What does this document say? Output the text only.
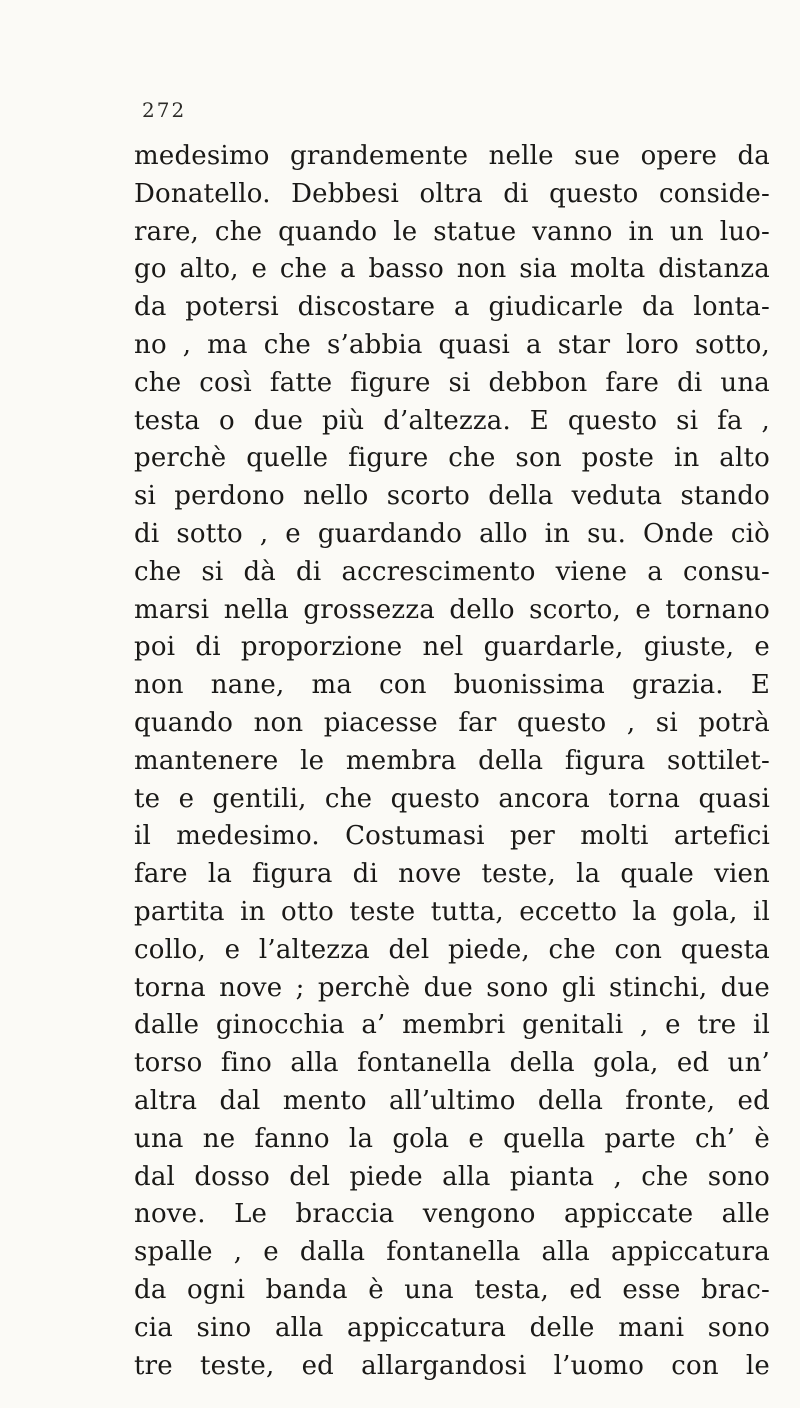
272
medesimo grandemente nelle sue opere da
Donatello. Debbesi oltra di questo conside-
rare, che quando le statue vanno in un luo-
go alto, e che a basso non sia molta distanza
da potersi discostare a giudicarle da lonta-
no , ma che s’abbia quasi a star loro sotto,
che così fatte figure si debbon fare di una
testa o due più d’altezza. E questo si fa ,
perchè quelle figure che son poste in alto
si perdono nello scorto della veduta stando
di sotto , e guardando allo in su. Onde ciò
che si dà di accrescimento viene a consu-
marsi nella grossezza dello scorto, e tornano
poi di proporzione nel guardarle, giuste, e
non nane, ma con buonissima grazia. E
quando non piacesse far questo , si potrà
mantenere le membra della figura sottilet-
te e gentili, che questo ancora torna quasi
il medesimo. Costumasi per molti artefici
fare la figura di nove teste, la quale vien
partita in otto teste tutta, eccetto la gola, il
collo, e l’altezza del piede, che con questa
torna nove ; perchè due sono gli stinchi, due
dalle ginocchia a’ membri genitali , e tre il
torso fino alla fontanella della gola, ed un’
altra dal mento all’ultimo della fronte, ed
una ne fanno la gola e quella parte ch’ è
dal dosso del piede alla pianta , che sono
nove. Le braccia vengono appiccate alle
spalle , e dalla fontanella alla appiccatura
da ogni banda è una testa, ed esse brac-
cia sino alla appiccatura delle mani sono
tre teste, ed allargandosi l’uomo con le
